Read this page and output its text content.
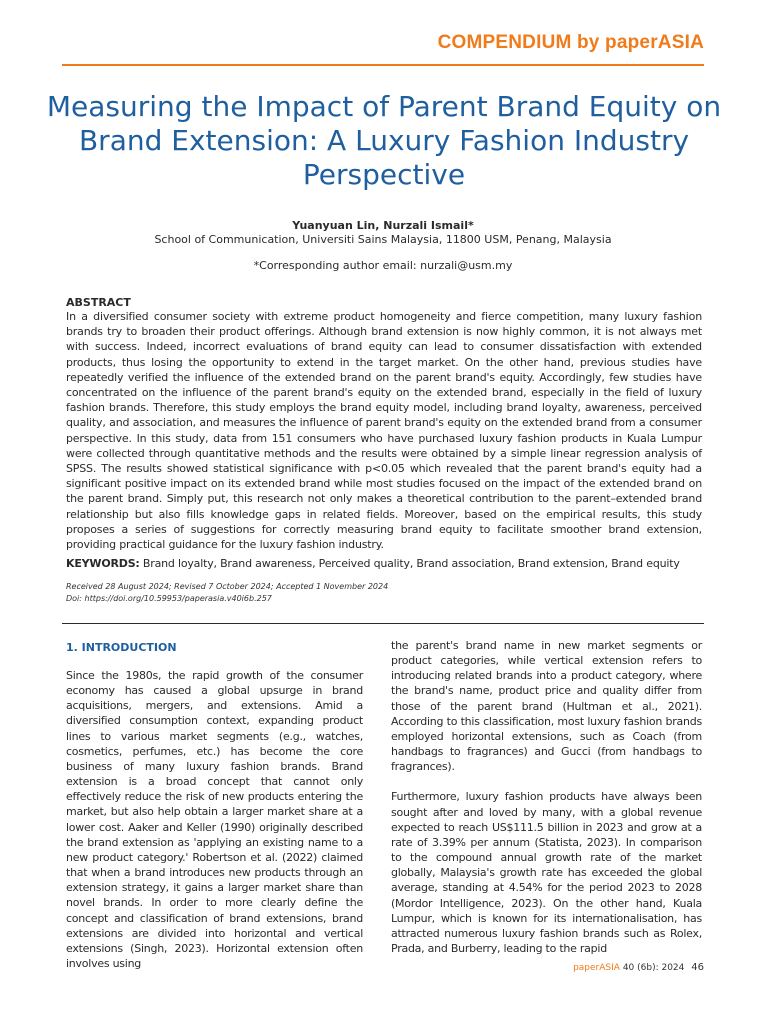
COMPENDIUM by paperASIA
Measuring the Impact of Parent Brand Equity on Brand Extension: A Luxury Fashion Industry Perspective
Yuanyuan Lin, Nurzali Ismail*
School of Communication, Universiti Sains Malaysia, 11800 USM, Penang, Malaysia
*Corresponding author email: nurzali@usm.my
ABSTRACT
In a diversified consumer society with extreme product homogeneity and fierce competition, many luxury fashion brands try to broaden their product offerings. Although brand extension is now highly common, it is not always met with success. Indeed, incorrect evaluations of brand equity can lead to consumer dissatisfaction with extended products, thus losing the opportunity to extend in the target market. On the other hand, previous studies have repeatedly verified the influence of the extended brand on the parent brand's equity. Accordingly, few studies have concentrated on the influence of the parent brand's equity on the extended brand, especially in the field of luxury fashion brands. Therefore, this study employs the brand equity model, including brand loyalty, awareness, perceived quality, and association, and measures the influence of parent brand's equity on the extended brand from a consumer perspective. In this study, data from 151 consumers who have purchased luxury fashion products in Kuala Lumpur were collected through quantitative methods and the results were obtained by a simple linear regression analysis of SPSS. The results showed statistical significance with p<0.05 which revealed that the parent brand's equity had a significant positive impact on its extended brand while most studies focused on the impact of the extended brand on the parent brand. Simply put, this research not only makes a theoretical contribution to the parent–extended brand relationship but also fills knowledge gaps in related fields. Moreover, based on the empirical results, this study proposes a series of suggestions for correctly measuring brand equity to facilitate smoother brand extension, providing practical guidance for the luxury fashion industry.
KEYWORDS: Brand loyalty, Brand awareness, Perceived quality, Brand association, Brand extension, Brand equity
Received 28 August 2024; Revised 7 October 2024; Accepted 1 November 2024
Doi: https://doi.org/10.59953/paperasia.v40i6b.257
1. INTRODUCTION

Since the 1980s, the rapid growth of the consumer economy has caused a global upsurge in brand acquisitions, mergers, and extensions. Amid a diversified consumption context, expanding product lines to various market segments (e.g., watches, cosmetics, perfumes, etc.) has become the core business of many luxury fashion brands. Brand extension is a broad concept that cannot only effectively reduce the risk of new products entering the market, but also help obtain a larger market share at a lower cost. Aaker and Keller (1990) originally described the brand extension as 'applying an existing name to a new product category.' Robertson et al. (2022) claimed that when a brand introduces new products through an extension strategy, it gains a larger market share than novel brands. In order to more clearly define the concept and classification of brand extensions, brand extensions are divided into horizontal and vertical extensions (Singh, 2023). Horizontal extension often involves using

the parent's brand name in new market segments or product categories, while vertical extension refers to introducing related brands into a product category, where the brand's name, product price and quality differ from those of the parent brand (Hultman et al., 2021). According to this classification, most luxury fashion brands employed horizontal extensions, such as Coach (from handbags to fragrances) and Gucci (from handbags to fragrances).

Furthermore, luxury fashion products have always been sought after and loved by many, with a global revenue expected to reach US$111.5 billion in 2023 and grow at a rate of 3.39% per annum (Statista, 2023). In comparison to the compound annual growth rate of the market globally, Malaysia's growth rate has exceeded the global average, standing at 4.54% for the period 2023 to 2028 (Mordor Intelligence, 2023). On the other hand, Kuala Lumpur, which is known for its internationalisation, has attracted numerous luxury fashion brands such as Rolex, Prada, and Burberry, leading to the rapid

paperASIA 40 (6b): 2024 46
